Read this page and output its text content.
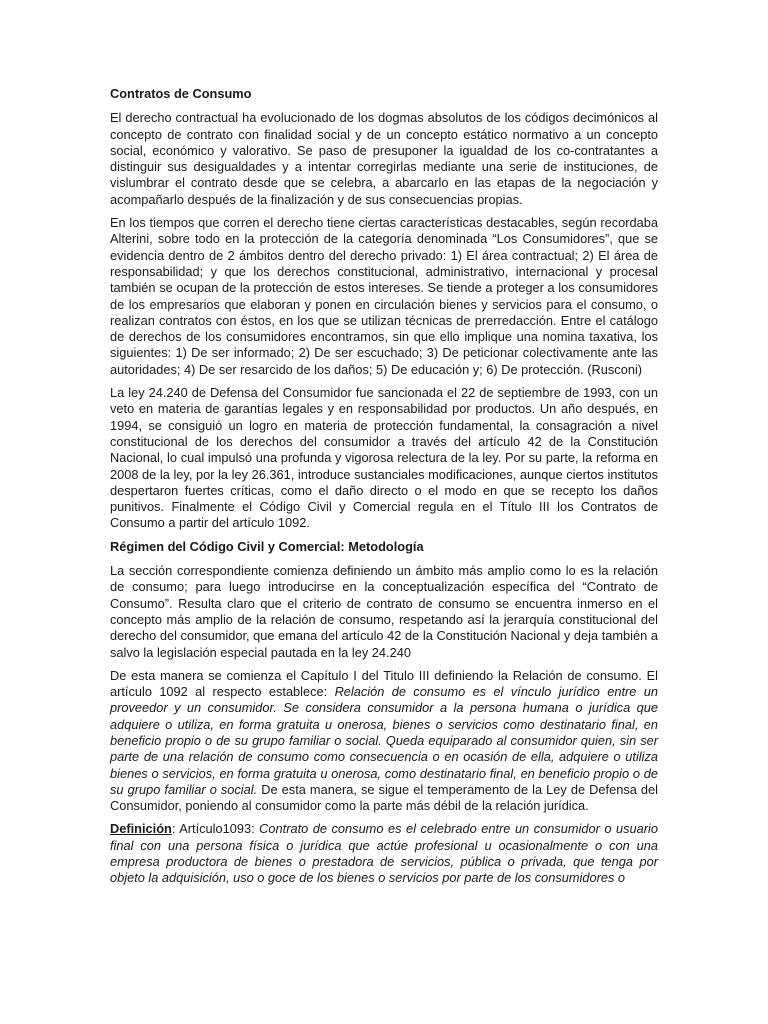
Contratos de Consumo

El derecho contractual ha evolucionado de los dogmas absolutos de los códigos decimónicos al concepto de contrato con finalidad social y de un concepto estático normativo a un concepto social, económico y valorativo. Se paso de presuponer la igualdad de los co-contratantes a distinguir sus desigualdades y a intentar corregirlas mediante una serie de instituciones, de vislumbrar el contrato desde que se celebra, a abarcarlo en las etapas de la negociación y acompañarlo después de la finalización y de sus consecuencias propias.

En los tiempos que corren el derecho tiene ciertas características destacables, según recordaba Alterini, sobre todo en la protección de la categoría denominada “Los Consumidores”, que se evidencia dentro de 2 ámbitos dentro del derecho privado: 1) El área contractual; 2) El área de responsabilidad; y que los derechos constitucional, administrativo, internacional y procesal también se ocupan de la protección de estos intereses. Se tiende a proteger a los consumidores de los empresarios que elaboran y ponen en circulación bienes y servicios para el consumo, o realizan contratos con éstos, en los que se utilizan técnicas de prerredacción. Entre el catálogo de derechos de los consumidores encontramos, sin que ello implique una nomina taxativa, los siguientes: 1) De ser informado; 2) De ser escuchado; 3) De peticionar colectivamente ante las autoridades; 4) De ser resarcido de los daños; 5) De educación y; 6) De protección. (Rusconi)

La ley 24.240 de Defensa del Consumidor fue sancionada el 22 de septiembre de 1993, con un veto en materia de garantías legales y en responsabilidad por productos. Un año después, en 1994, se consiguió un logro en materia de protección fundamental, la consagración a nivel constitucional de los derechos del consumidor a través del artículo 42 de la Constitución Nacional, lo cual impulsó una profunda y vigorosa relectura de la ley. Por su parte, la reforma en 2008 de la ley, por la ley 26.361, introduce sustanciales modificaciones, aunque ciertos institutos despertaron fuertes críticas, como el daño directo o el modo en que se recepto los daños punitivos. Finalmente el Código Civil y Comercial regula en el Título III los Contratos de Consumo a partir del artículo 1092.

Régimen del Código Civil y Comercial: Metodología

La sección correspondiente comienza definiendo un ámbito más amplio como lo es la relación de consumo; para luego introducirse en la conceptualización específica del “Contrato de Consumo”. Resulta claro que el criterio de contrato de consumo se encuentra inmerso en el concepto más amplio de la relación de consumo, respetando así la jerarquía constitucional del derecho del consumidor, que emana del artículo 42 de la Constitución Nacional y deja también a salvo la legislación especial pautada en la ley 24.240

De esta manera se comienza el Capítulo I del Titulo III definiendo la Relación de consumo. El artículo 1092 al respecto establece: Relación de consumo es el vínculo jurídico entre un proveedor y un consumidor. Se considera consumidor a la persona humana o jurídica que adquiere o utiliza, en forma gratuita u onerosa, bienes o servicios como destinatario final, en beneficio propio o de su grupo familiar o social. Queda equiparado al consumidor quien, sin ser parte de una relación de consumo como consecuencia o en ocasión de ella, adquiere o utiliza bienes o servicios, en forma gratuita u onerosa, como destinatario final, en beneficio propio o de su grupo familiar o social. De esta manera, se sigue el temperamento de la Ley de Defensa del Consumidor, poniendo al consumidor como la parte más débil de la relación jurídica.

Definición: Artículo1093: Contrato de consumo es el celebrado entre un consumidor o usuario final con una persona física o jurídica que actúe profesional u ocasionalmente o con una empresa productora de bienes o prestadora de servicios, pública o privada, que tenga por objeto la adquisición, uso o goce de los bienes o servicios por parte de los consumidores o
